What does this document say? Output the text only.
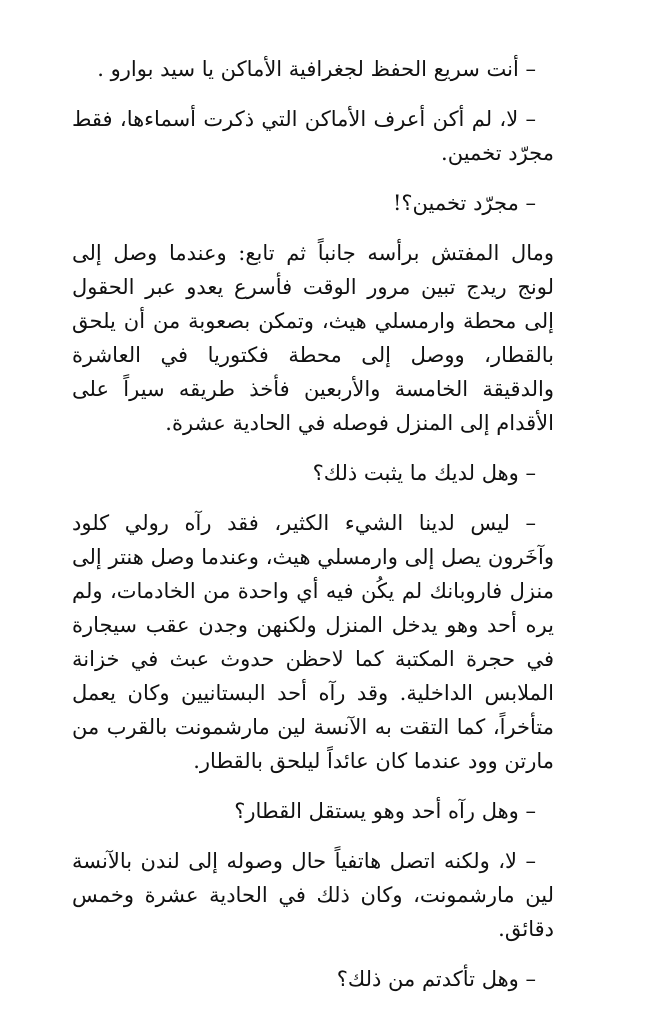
– أنت سريع الحفظ لجغرافية الأماكن يا سيد بوارو .

– لا، لم أكن أعرف الأماكن التي ذكرت أسماءها، فقط مجرّد تخمين.

– مجرّد تخمين؟!

ومال المفتش برأسه جانباً ثم تابع: وعندما وصل إلى لونج ريدج تبين مرور الوقت فأسرع يعدو عبر الحقول إلى محطة وارمسلي هيث، وتمكن بصعوبة من أن يلحق بالقطار، ووصل إلى محطة فكتوريا في العاشرة والدقيقة الخامسة والأربعين فأخذ طريقه سيراً على الأقدام إلى المنزل فوصله في الحادية عشرة.

– وهل لديك ما يثبت ذلك؟

– ليس لدينا الشيء الكثير، فقد رآه رولي كلود وآخَرون يصل إلى وارمسلي هيث، وعندما وصل هنتر إلى منزل فاروبانك لم يكُن فيه أي واحدة من الخادمات، ولم يره أحد وهو يدخل المنزل ولكنهن وجدن عقب سيجارة في حجرة المكتبة كما لاحظن حدوث عبث في خزانة الملابس الداخلية. وقد رآه أحد البستانيين وكان يعمل متأخراً، كما التقت به الآنسة لين مارشمونت بالقرب من مارتن وود عندما كان عائداً ليلحق بالقطار.

– وهل رآه أحد وهو يستقل القطار؟

– لا، ولكنه اتصل هاتفياً حال وصوله إلى لندن بالآنسة لين مارشمونت، وكان ذلك في الحادية عشرة وخمس دقائق.

– وهل تأكدتم من ذلك؟
